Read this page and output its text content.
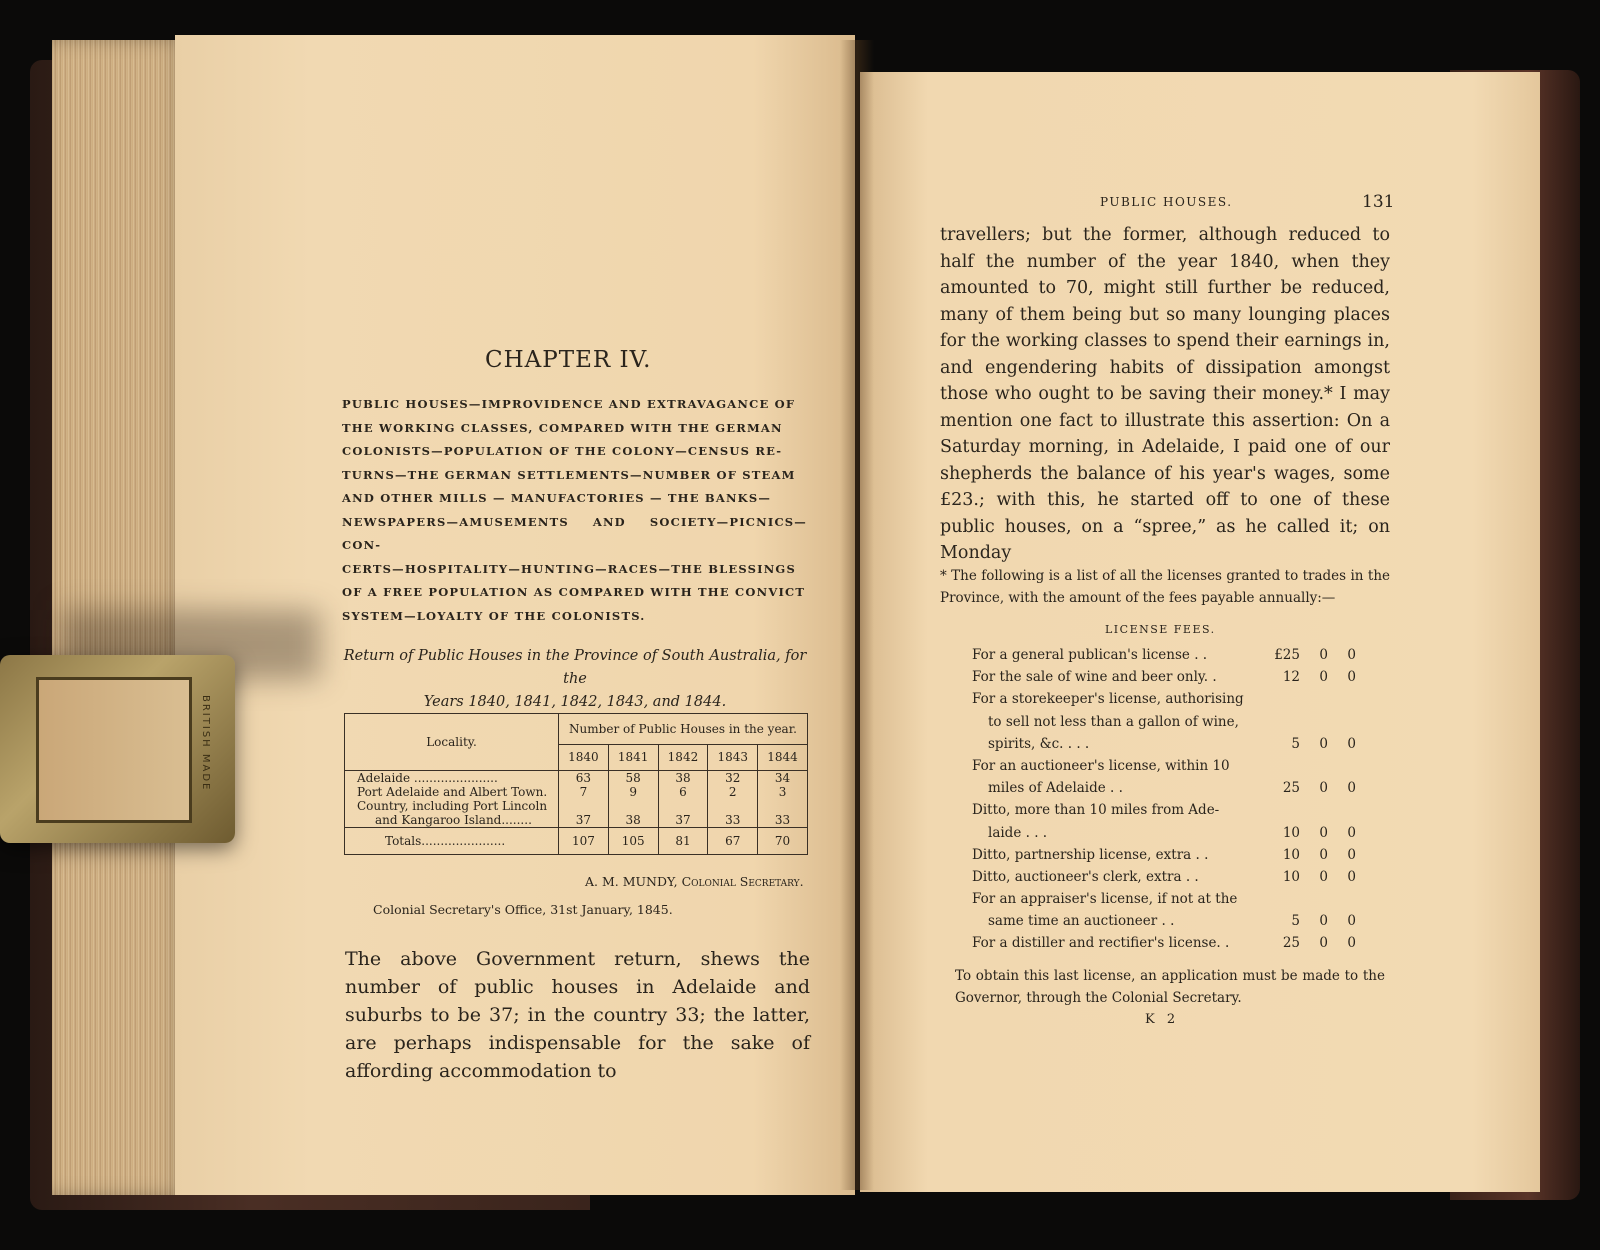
CHAPTER IV.
PUBLIC HOUSES—IMPROVIDENCE AND EXTRAVAGANCE OF
THE WORKING CLASSES, COMPARED WITH THE GERMAN
COLONISTS—POPULATION OF THE COLONY—CENSUS RE-
TURNS—THE GERMAN SETTLEMENTS—NUMBER OF STEAM
AND OTHER MILLS — MANUFACTORIES — THE BANKS—
NEWSPAPERS—AMUSEMENTS AND SOCIETY—PICNICS—CON-
CERTS—HOSPITALITY—HUNTING—RACES—THE BLESSINGS
OF A FREE POPULATION AS COMPARED WITH THE CONVICT
SYSTEM—LOYALTY OF THE COLONISTS.
Return of Public Houses in the Province of South Australia, for the
Years 1840, 1841, 1842, 1843, and 1844.
Locality.	Number of Public Houses in the year.				
	1840	1841	1842	1843	1844
Adelaide ......................	63	58	38	32	34
Port Adelaide and Albert Town.	7	9	6	2	3
Country, including Port Lincoln					
and Kangaroo Island........	37	38	37	33	33
Totals......................	107	105	81	67	70

A. M. MUNDY, Colonial Secretary.

Colonial Secretary's Office, 31st January, 1845.

The above Government return, shews the number of public houses in Adelaide and suburbs to be 37; in the country 33; the latter, are perhaps indispensable for the sake of affording accommodation to

PUBLIC HOUSES.	131

travellers; but the former, although reduced to half the number of the year 1840, when they amounted to 70, might still further be reduced, many of them being but so many lounging places for the working classes to spend their earnings in, and engendering habits of dissipation amongst those who ought to be saving their money.* I may mention one fact to illustrate this assertion: On a Saturday morning, in Adelaide, I paid one of our shepherds the balance of his year's wages, some £23.; with this, he started off to one of these public houses, on a “spree,” as he called it; on Monday

* The following is a list of all the licenses granted to trades in the Province, with the amount of the fees payable annually:—

LICENSE FEES.

For a general publican's license . .	£25	0	0
For the sale of wine and beer only. .	12	0	0
For a storekeeper's license, authorising
to sell not less than a gallon of wine,
spirits, &c. . . .	5	0	0
For an auctioneer's license, within 10
miles of Adelaide . .	25	0	0
Ditto, more than 10 miles from Ade-
laide . . .	10	0	0
Ditto, partnership license, extra . .	10	0	0
Ditto, auctioneer's clerk, extra . .	10	0	0
For an appraiser's license, if not at the
same time an auctioneer . .	5	0	0
For a distiller and rectifier's license. .	25	0	0

To obtain this last license, an application must be made to the Governor, through the Colonial Secretary.

K 2

BRITISH MADE
